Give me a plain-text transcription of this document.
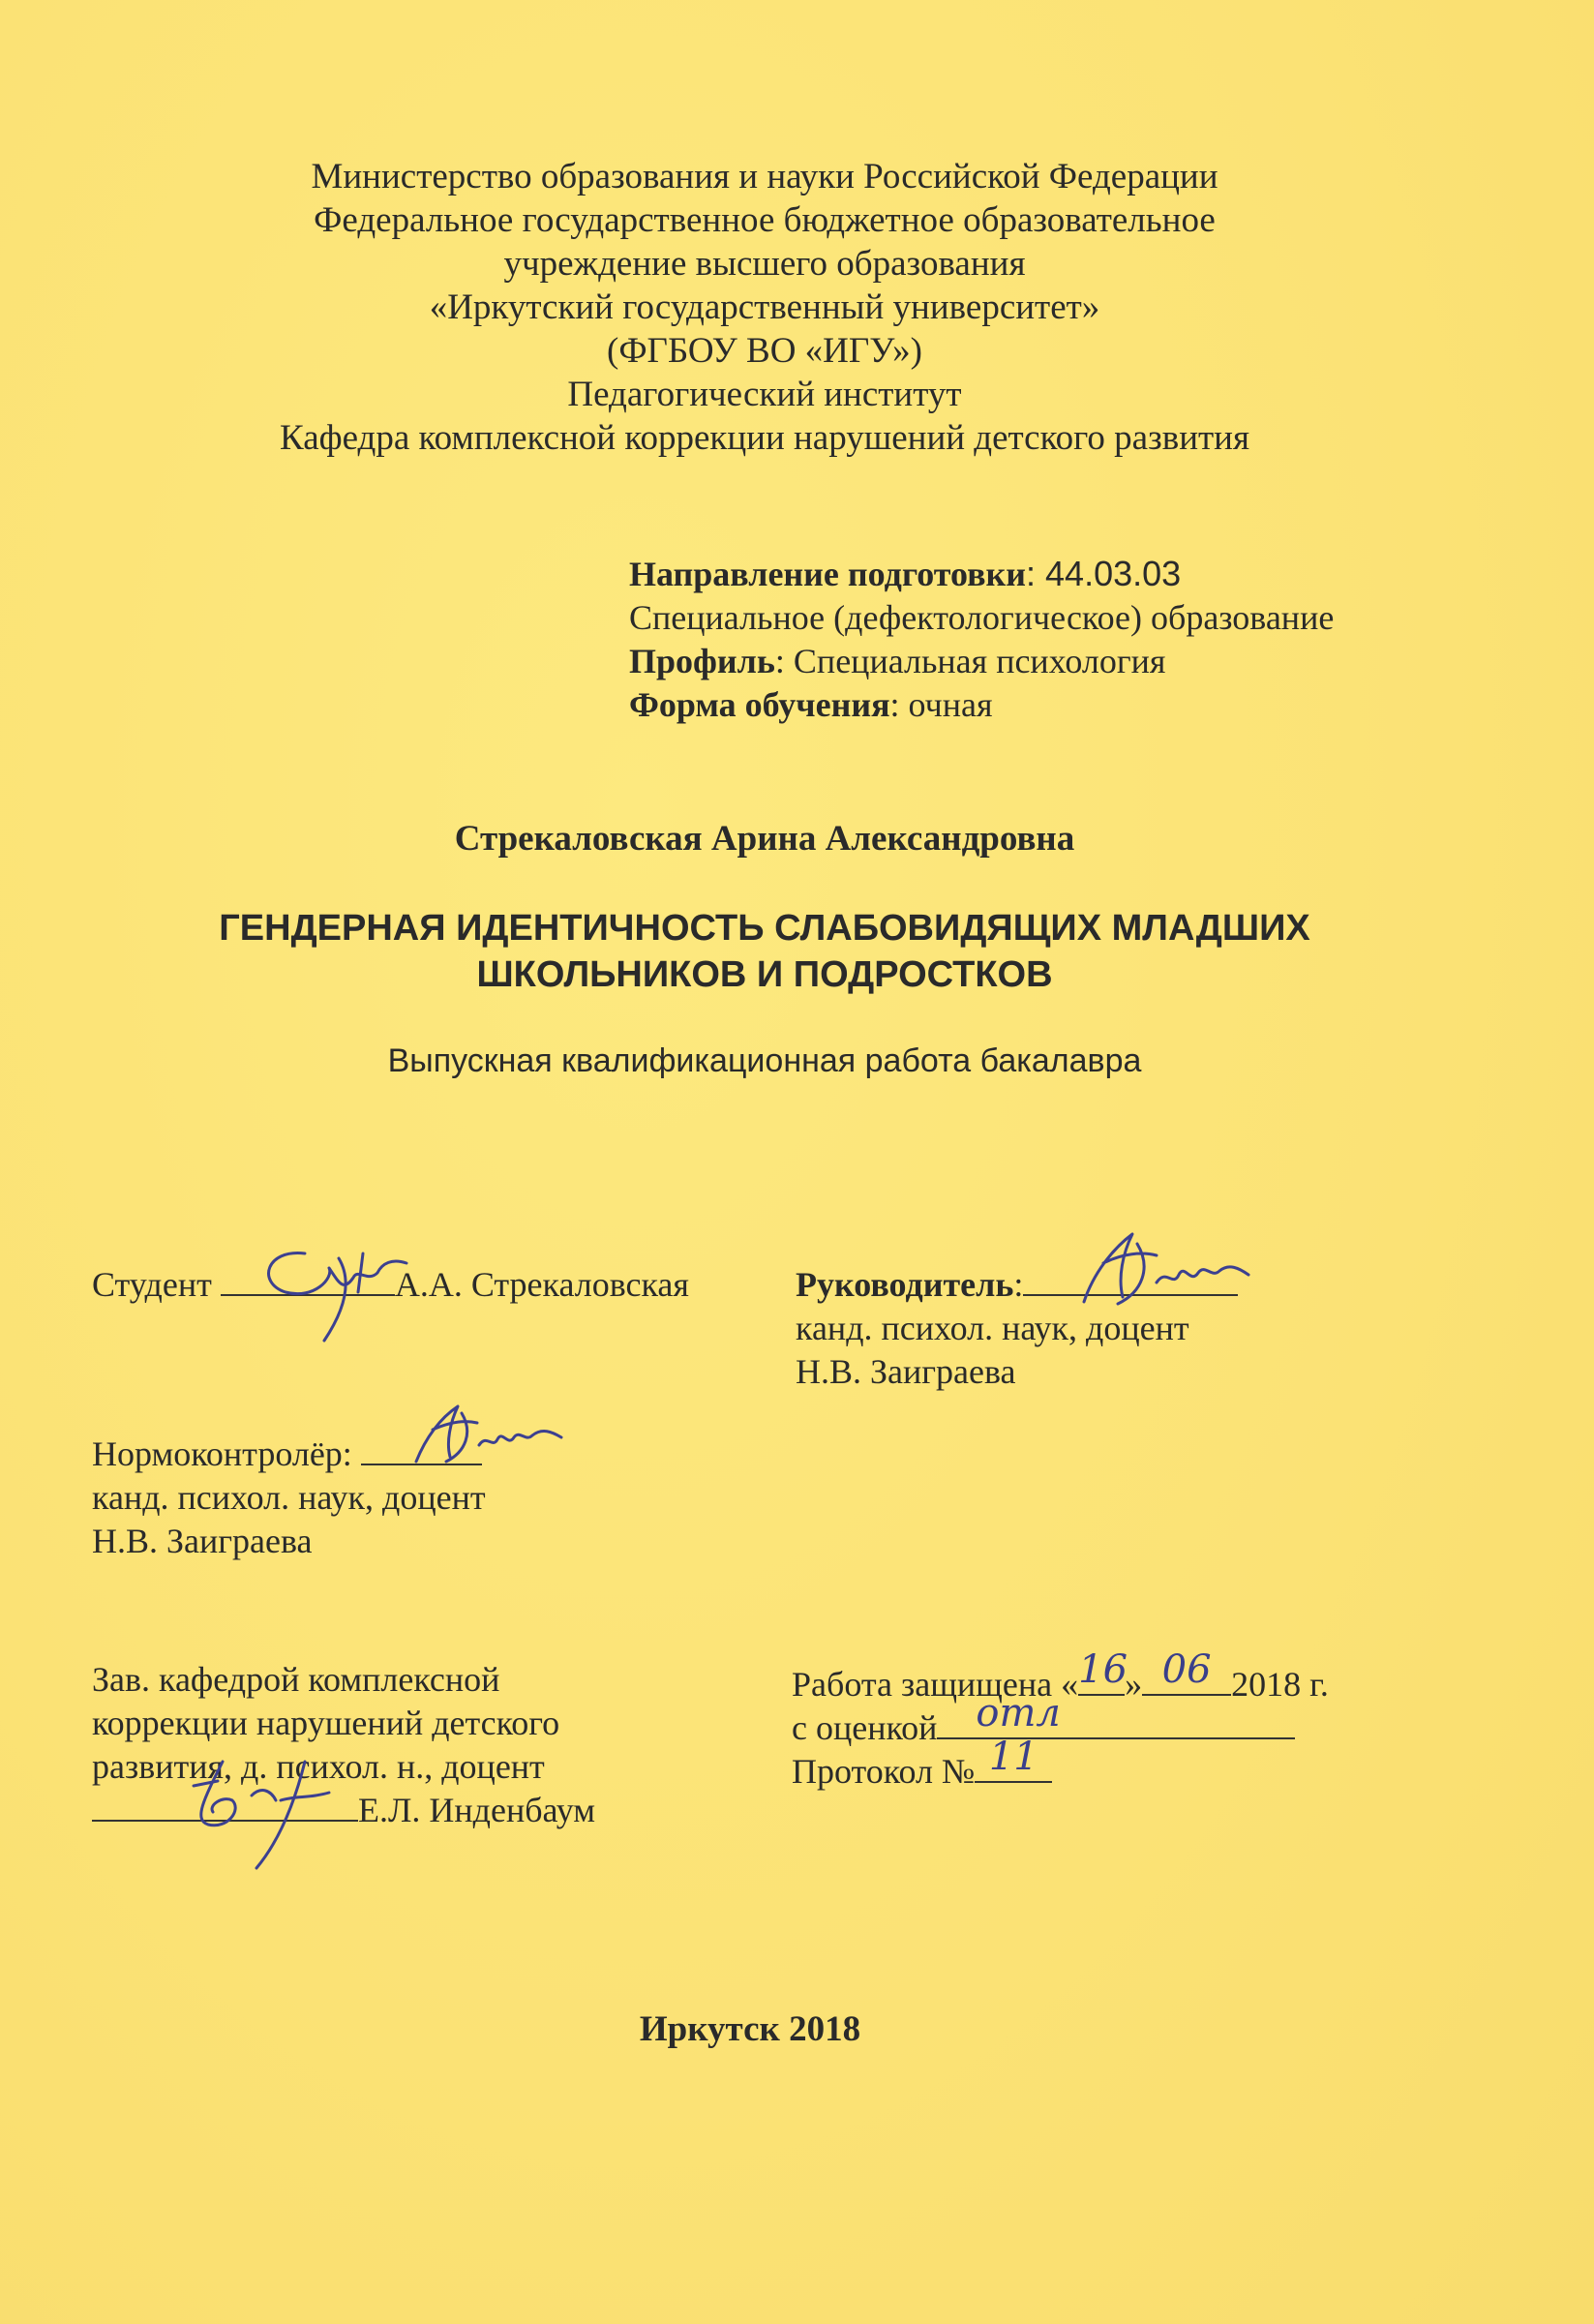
Министерство образования и науки Российской Федерации
Федеральное государственное бюджетное образовательное
учреждение высшего образования
«Иркутский государственный университет»
(ФГБОУ ВО «ИГУ»)
Педагогический институт
Кафедра комплексной коррекции нарушений детского развития
Направление подготовки: 44.03.03
Специальное (дефектологическое) образование
Профиль: Специальная психология
Форма обучения: очная
Стрекаловская Арина Александровна
ГЕНДЕРНАЯ ИДЕНТИЧНОСТЬ СЛАБОВИДЯЩИХ МЛАДШИХ
ШКОЛЬНИКОВ И ПОДРОСТКОВ
Выпускная квалификационная работа бакалавра
Студент	А.А. Стрекаловская	Руководитель:
канд. психол. наук, доцент
Н.В. Заиграева
Нормоконтролёр:
канд. психол. наук, доцент
Н.В. Заиграева
Зав. кафедрой комплексной
коррекции нарушений детского
развития, д. психол. н., доцент
Е.Л. Инденбаум
Работа защищена « 16
» 06 2018 г.
с оценкой отл
Протокол № 11
Иркутск 2018
